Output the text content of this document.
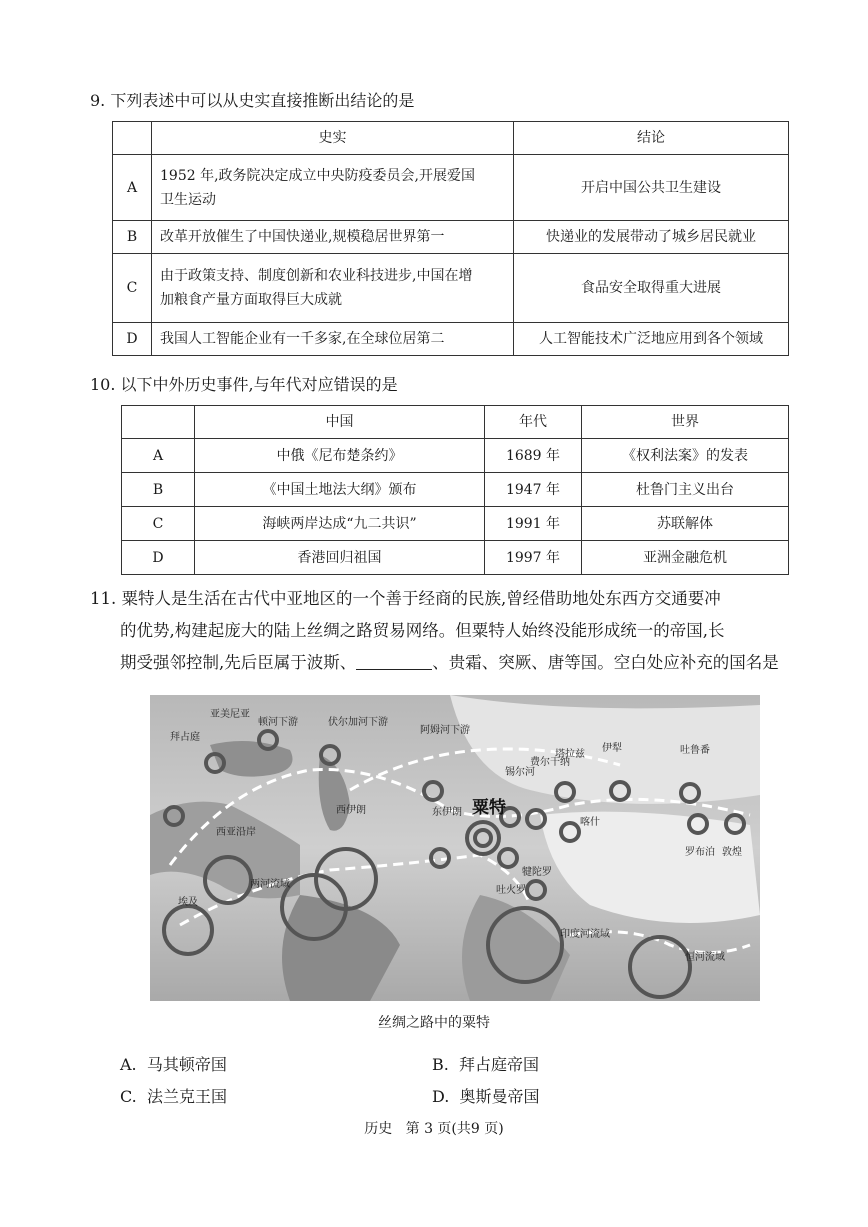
9. 下列表述中可以从史实直接推断出结论的是
	史实	结论
A	1952 年,政务院决定成立中央防疫委员会,开展爱国
卫生运动	开启中国公共卫生建设
B	改革开放催生了中国快递业,规模稳居世界第一	快递业的发展带动了城乡居民就业
C	由于政策支持、制度创新和农业科技进步,中国在增
加粮食产量方面取得巨大成就	食品安全取得重大进展
D	我国人工智能企业有一千多家,在全球位居第二	人工智能技术广泛地应用到各个领域
10. 以下中外历史事件,与年代对应错误的是
	中国	年代	世界
A	中俄《尼布楚条约》	1689 年	《权利法案》的发表
B	《中国土地法大纲》颁布	1947 年	杜鲁门主义出台
C	海峡两岸达成“九二共识”	1991 年	苏联解体
D	香港回归祖国	1997 年	亚洲金融危机
11. 粟特人是生活在古代中亚地区的一个善于经商的民族,曾经借助地处东西方交通要冲
的优势,构建起庞大的陆上丝绸之路贸易网络。但粟特人始终没能形成统一的帝国,长
期受强邻控制,先后臣属于波斯、	、贵霜、突厥、唐等国。空白处应补充的国名是
拜占庭
亚美尼亚
顿河下游	伏尔加河下游
阿姆河下游
锡尔河
费尔干纳
塔拉兹
伊犁	吐鲁番
敦煌
罗布泊
喀什
犍陀罗
吐火罗
东伊朗
西伊朗
两河流域
埃及
西亚沿岸
印度河流域
恒河流域
粟特
丝绸之路中的粟特
A. 马其顿帝国	B. 拜占庭帝国
C. 法兰克王国	D. 奥斯曼帝国
历史   第 3 页(共9 页)
